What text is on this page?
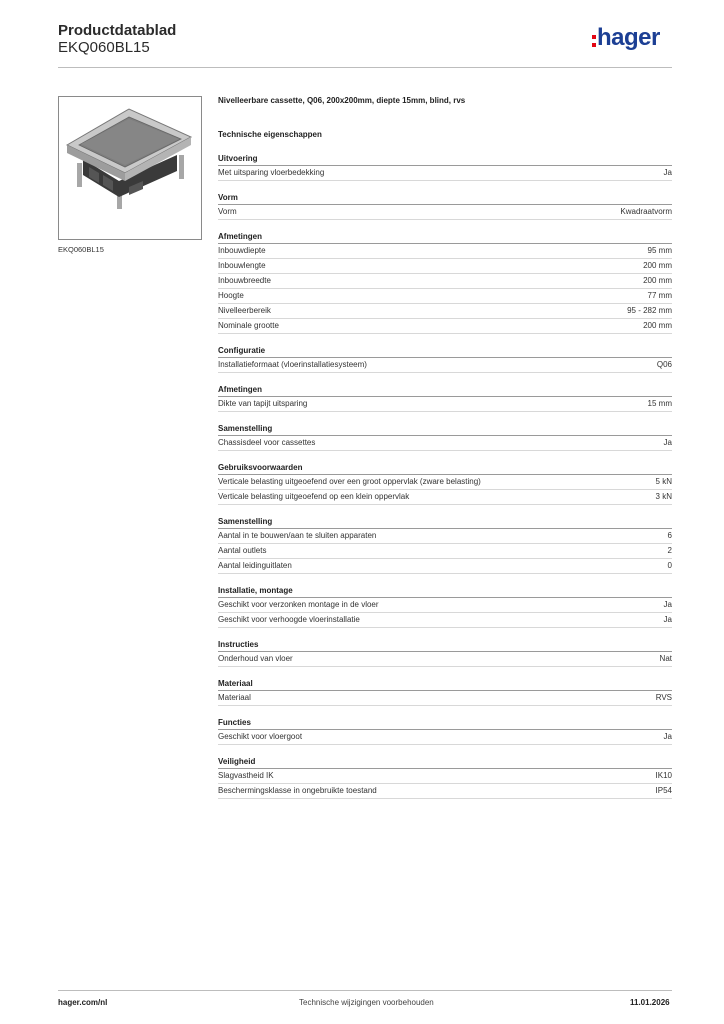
Productdatablad
EKQ060BL15	hager
EKQ060BL15
Nivelleerbare cassette, Q06, 200x200mm, diepte 15mm, blind, rvs
Technische eigenschappen
Uitvoering
Met uitsparing vloerbedekking	Ja
Vorm
Vorm	Kwadraatvorm
Afmetingen
Inbouwdiepte	95 mm
Inbouwlengte	200 mm
Inbouwbreedte	200 mm
Hoogte	77 mm
Nivelleerbereik	95 - 282 mm
Nominale grootte	200 mm
Configuratie
Installatieformaat (vloerinstallatiesysteem)	Q06
Afmetingen
Dikte van tapijt uitsparing	15 mm
Samenstelling
Chassisdeel voor cassettes	Ja
Gebruiksvoorwaarden
Verticale belasting uitgeoefend over een groot oppervlak (zware belasting)	5 kN
Verticale belasting uitgeoefend op een klein oppervlak	3 kN
Samenstelling
Aantal in te bouwen/aan te sluiten apparaten	6
Aantal outlets	2
Aantal leidinguitlaten	0
Installatie, montage
Geschikt voor verzonken montage in de vloer	Ja
Geschikt voor verhoogde vloerinstallatie	Ja
Instructies
Onderhoud van vloer	Nat
Materiaal
Materiaal	RVS
Functies
Geschikt voor vloergoot	Ja
Veiligheid
Slagvastheid IK	IK10
Beschermingsklasse in ongebruikte toestand	IP54
hager.com/nl	Technische wijzigingen voorbehouden	11.01.2026
